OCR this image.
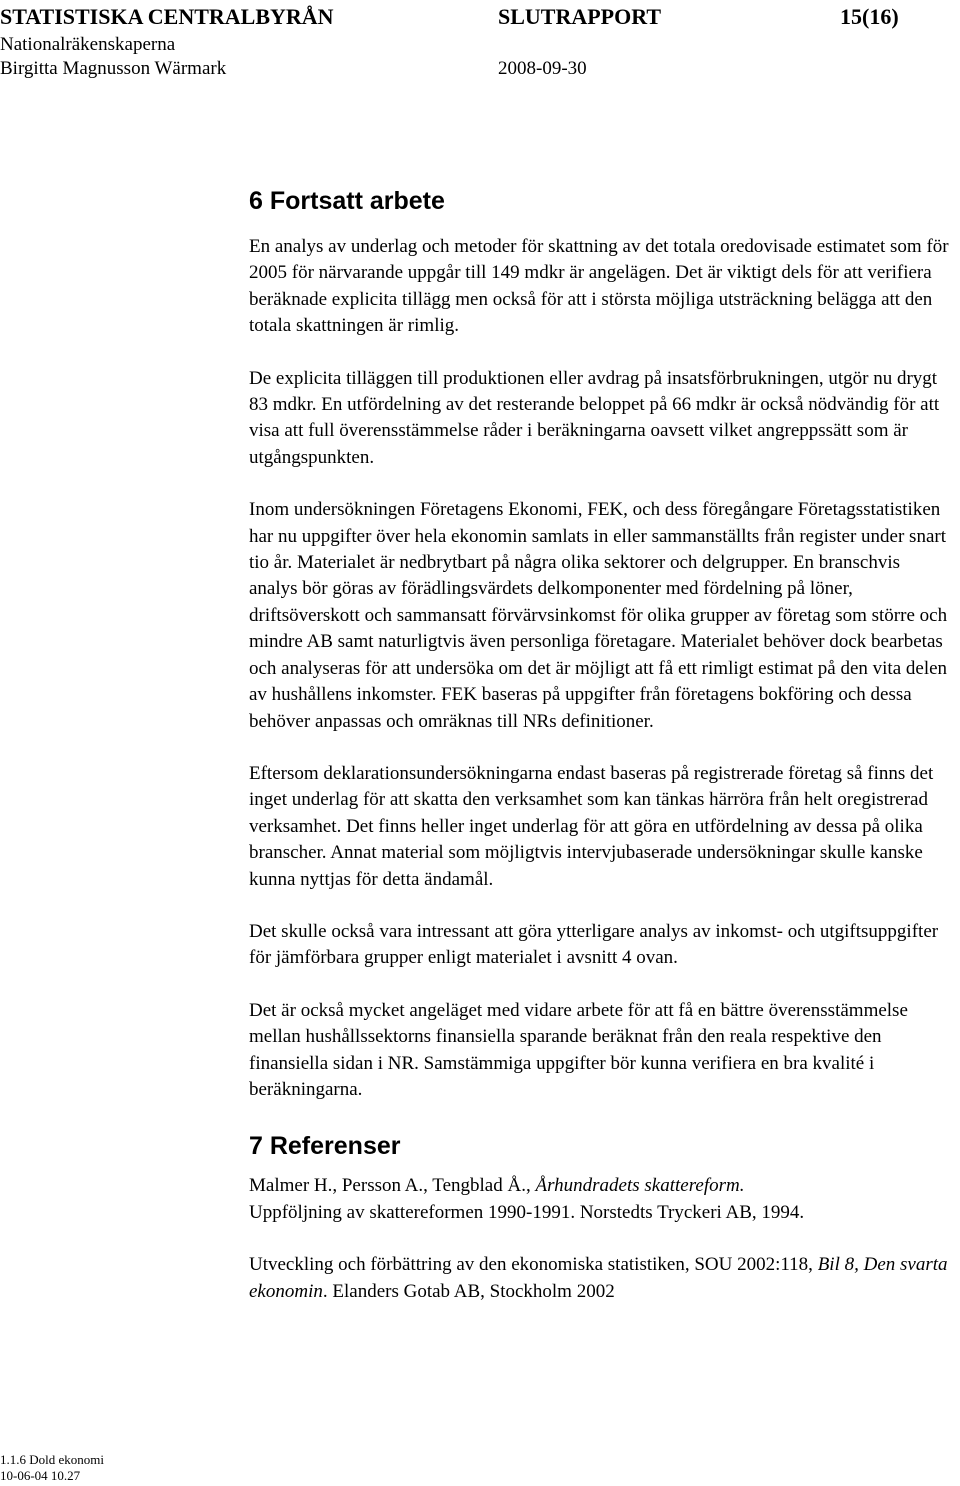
STATISTISKA CENTRALBYRÅN	SLUTRAPPORT	15(16)
Nationalräkenskaperna
Birgitta Magnusson Wärmark	2008-09-30
6 Fortsatt arbete

En analys av underlag och metoder för skattning av det totala oredovisade estimatet som för 2005 för närvarande uppgår till 149 mdkr är angelägen. Det är viktigt dels för att verifiera beräknade explicita tillägg men också för att i största möjliga utsträckning belägga att den totala skattningen är rimlig.

De explicita tilläggen till produktionen eller avdrag på insatsförbrukningen, utgör nu drygt 83 mdkr. En utfördelning av det resterande beloppet på 66 mdkr är också nödvändig för att visa att full överensstämmelse råder i beräkningarna oavsett vilket angreppssätt som är utgångspunkten.

Inom undersökningen Företagens Ekonomi, FEK, och dess föregångare Företagsstatistiken har nu uppgifter över hela ekonomin samlats in eller sammanställts från register under snart tio år. Materialet är nedbrytbart på några olika sektorer och delgrupper. En branschvis analys bör göras av förädlingsvärdets delkomponenter med fördelning på löner, driftsöverskott och sammansatt förvärvsinkomst för olika grupper av företag som större och mindre AB samt naturligtvis även personliga företagare. Materialet behöver dock bearbetas och analyseras för att undersöka om det är möjligt att få ett rimligt estimat på den vita delen av hushållens inkomster. FEK baseras på uppgifter från företagens bokföring och dessa behöver anpassas och omräknas till NRs definitioner.

Eftersom deklarationsundersökningarna endast baseras på registrerade företag så finns det inget underlag för att skatta den verksamhet som kan tänkas härröra från helt oregistrerad verksamhet. Det finns heller inget underlag för att göra en utfördelning av dessa på olika branscher. Annat material som möjligtvis intervjubaserade undersökningar skulle kanske kunna nyttjas för detta ändamål.

Det skulle också vara intressant att göra ytterligare analys av inkomst- och utgiftsuppgifter för jämförbara grupper enligt materialet i avsnitt 4 ovan.

Det är också mycket angeläget med vidare arbete för att få en bättre överensstämmelse mellan hushållssektorns finansiella sparande beräknat från den reala respektive den finansiella sidan i NR. Samstämmiga uppgifter bör kunna verifiera en bra kvalité i beräkningarna.

7 Referenser

Malmer H., Persson A., Tengblad Å., Århundradets skattereform.
Uppföljning av skattereformen 1990-1991. Norstedts Tryckeri AB, 1994.

Utveckling och förbättring av den ekonomiska statistiken, SOU 2002:118, Bil 8, Den svarta ekonomin. Elanders Gotab AB, Stockholm 2002

1.1.6 Dold ekonomi
10-06-04 10.27
